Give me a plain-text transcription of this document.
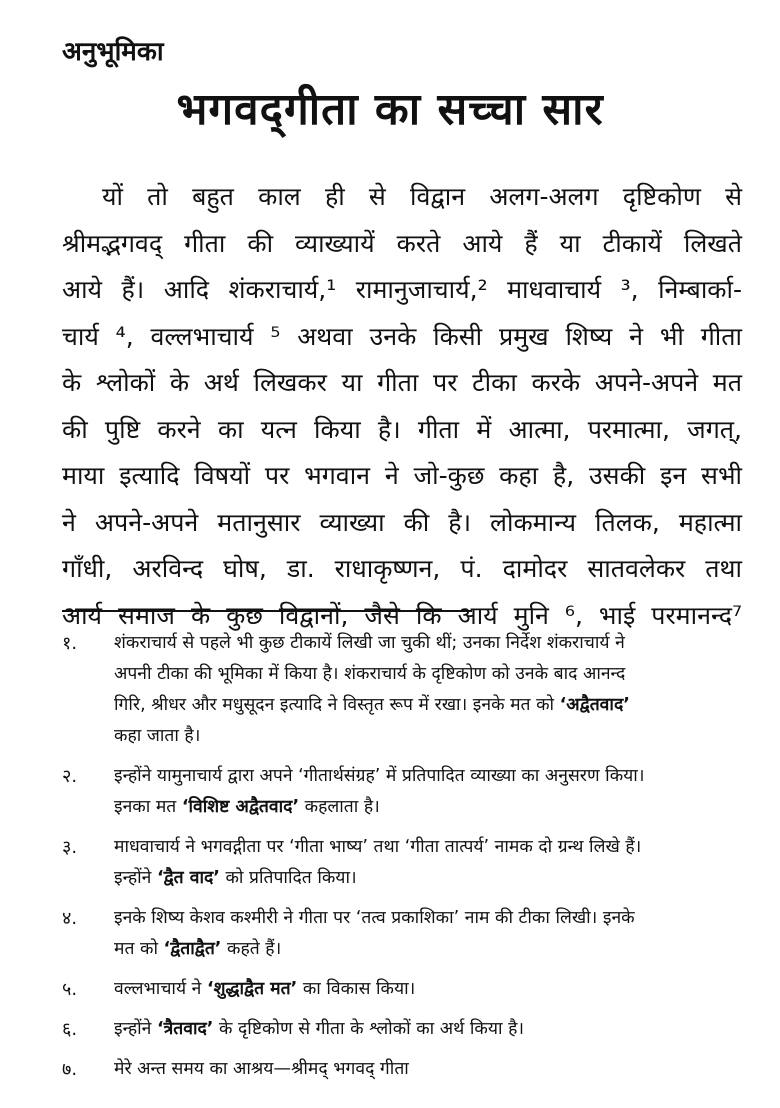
अनुभूमिका
भगवद्‌गीता का सच्चा सार
यों तो बहुत काल ही से विद्वान अलग-अलग दृष्टिकोण से
श्रीमद्भगवद् गीता की व्याख्यायें करते आये हैं या टीकायें लिखते
आये हैं। आदि शंकराचार्य,¹ रामानुजाचार्य,² माधवाचार्य ³, निम्बार्का-
चार्य ⁴, वल्लभाचार्य ⁵ अथवा उनके किसी प्रमुख शिष्य ने भी गीता
के श्लोकों के अर्थ लिखकर या गीता पर टीका करके अपने-अपने मत
की पुष्टि करने का यत्न किया है। गीता में आत्मा, परमात्मा, जगत्,
माया इत्यादि विषयों पर भगवान ने जो-कुछ कहा है, उसकी इन सभी
ने अपने-अपने मतानुसार व्याख्या की है। लोकमान्य तिलक, महात्मा
गाँधी, अरविन्द घोष, डा. राधाकृष्णन, पं. दामोदर सातवलेकर तथा
आर्य समाज के कुछ विद्वानों, जैसे कि आर्य मुनि ⁶, भाई परमानन्द⁷
१.	शंकराचार्य से पहले भी कुछ टीकायें लिखी जा चुकी थीं; उनका निर्देश शंकराचार्य ने
अपनी टीका की भूमिका में किया है। शंकराचार्य के दृष्टिकोण को उनके बाद आनन्द
गिरि, श्रीधर और मधुसूदन इत्यादि ने विस्तृत रूप में रखा। इनके मत को ‘अद्वैतवाद’
कहा जाता है।
२.	इन्होंने यामुनाचार्य द्वारा अपने ‘गीतार्थसंग्रह’ में प्रतिपादित व्याख्या का अनुसरण किया।
इनका मत ‘विशिष्ट अद्वैतवाद’ कहलाता है।
३.	माधवाचार्य ने भगवद्गीता पर ‘गीता भाष्य’ तथा ‘गीता तात्पर्य’ नामक दो ग्रन्थ लिखे हैं।
इन्होंने ‘द्वैत वाद’ को प्रतिपादित किया।
४.	इनके शिष्य केशव कश्मीरी ने गीता पर ‘तत्व प्रकाशिका’ नाम की टीका लिखी। इनके
मत को ‘द्वैताद्वैत’ कहते हैं।
५.	वल्लभाचार्य ने ‘शुद्धाद्वैत मत’ का विकास किया।
६.	इन्होंने ‘त्रैतवाद’ के दृष्टिकोण से गीता के श्लोकों का अर्थ किया है।
७.	मेरे अन्त समय का आश्रय—श्रीमद् भगवद् गीता
